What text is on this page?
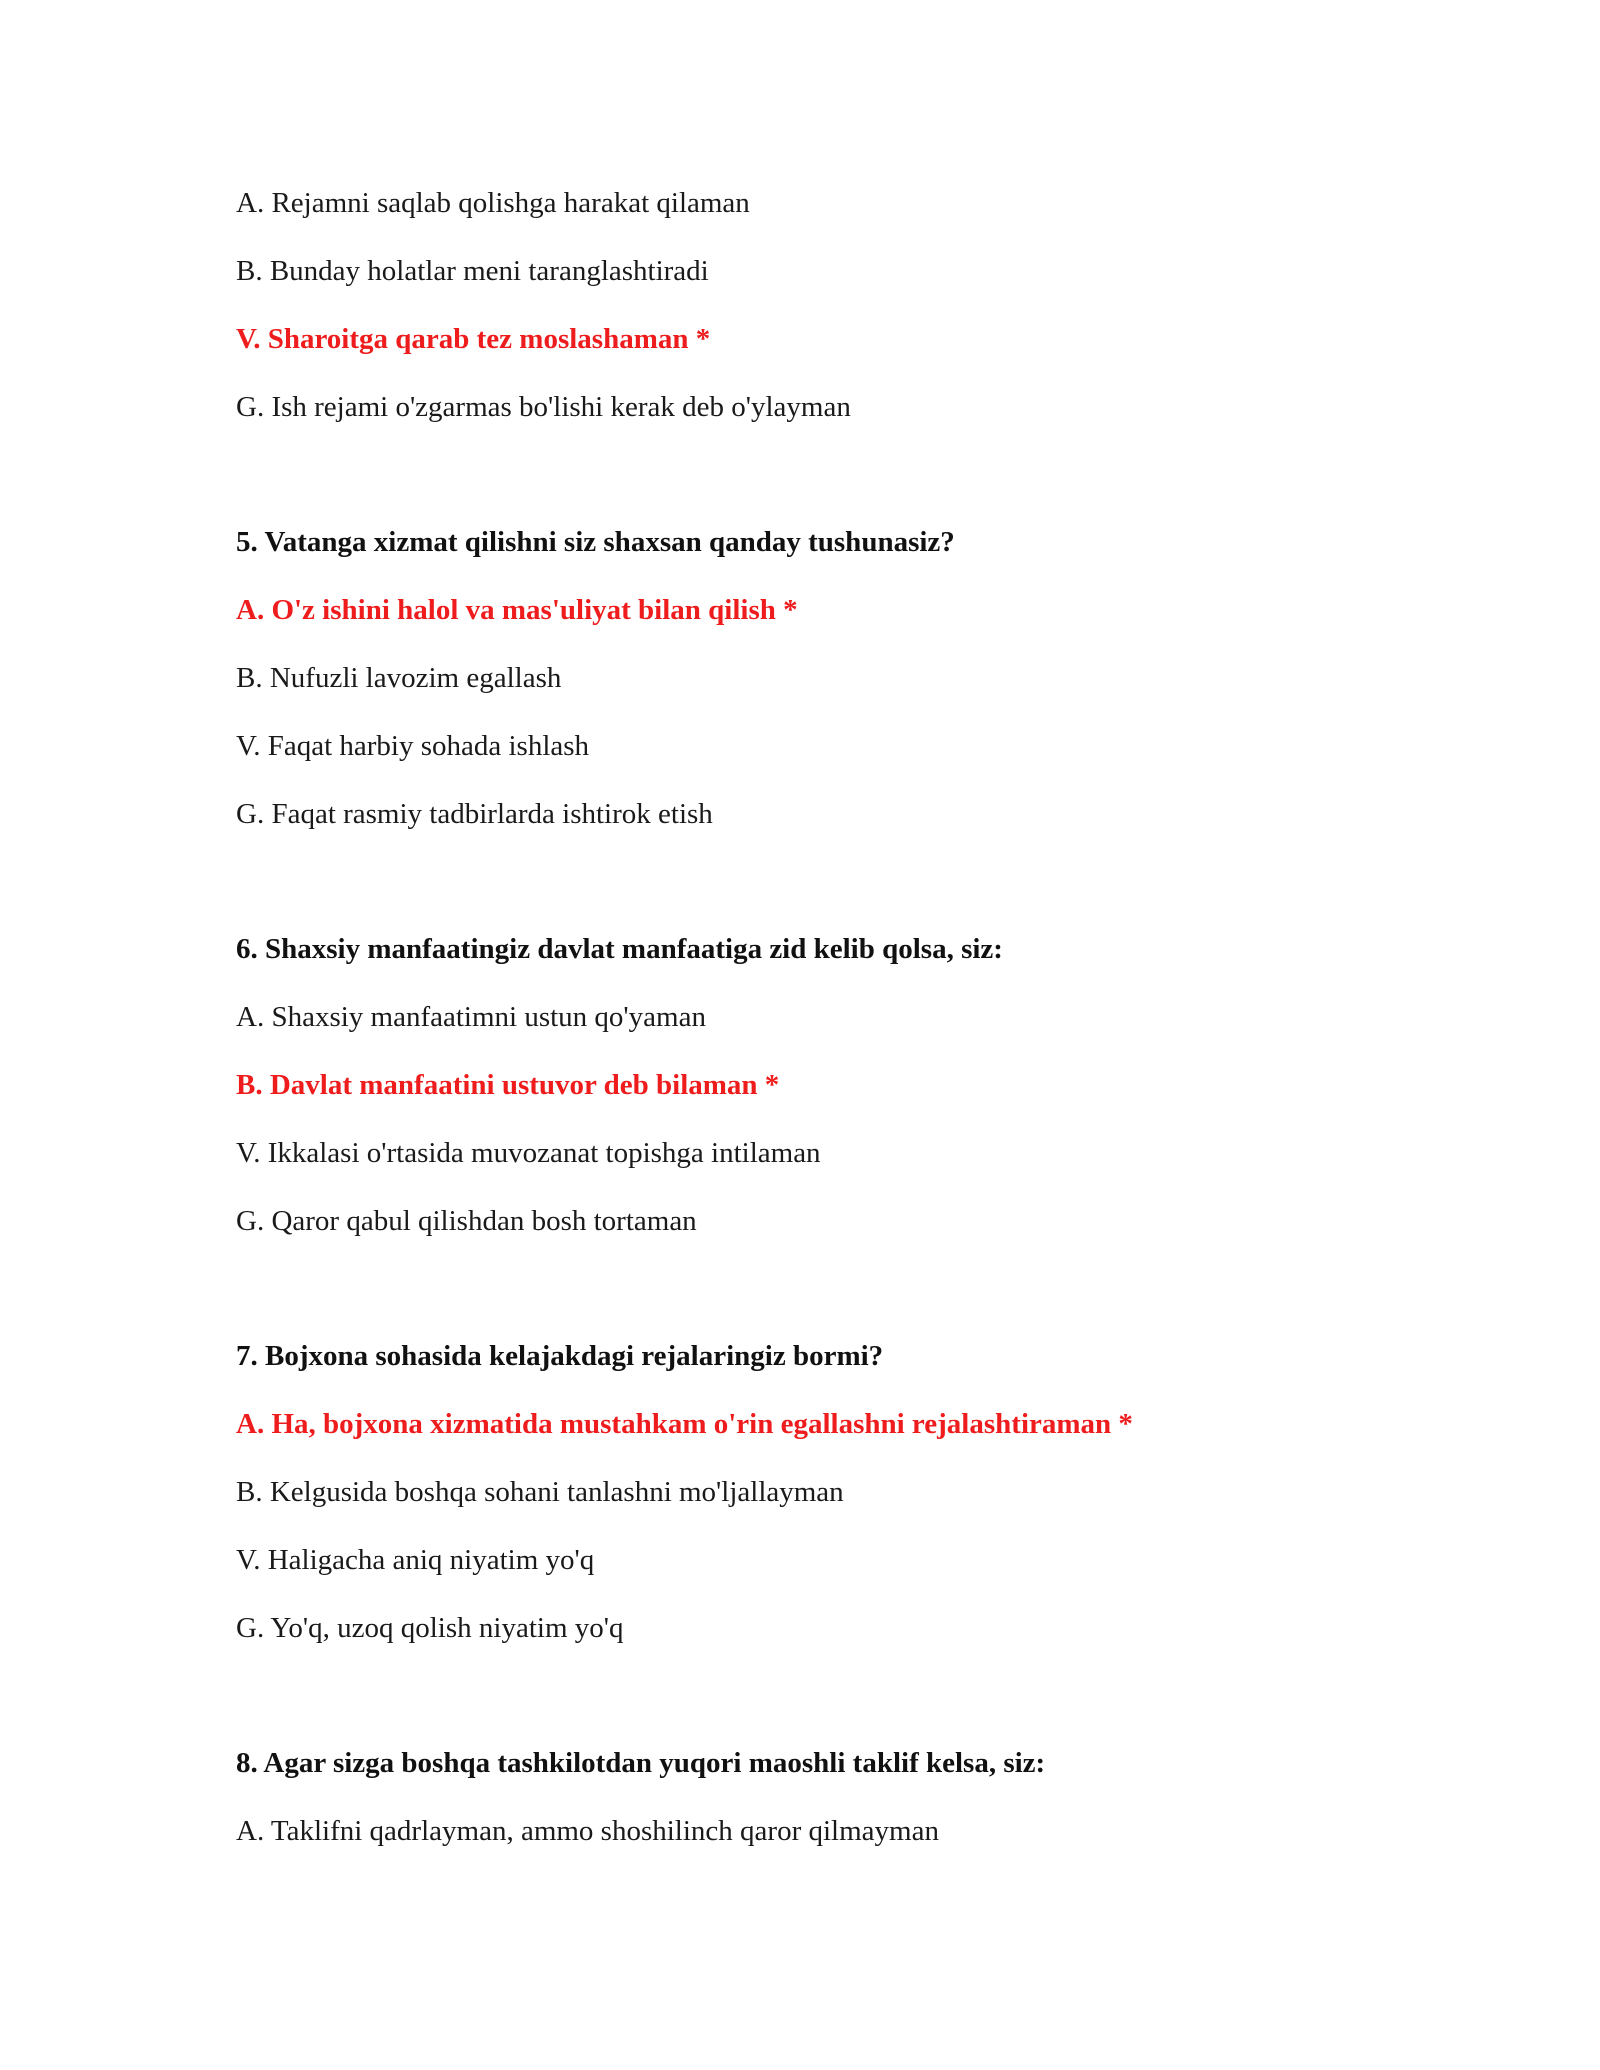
A. Rejamni saqlab qolishga harakat qilaman
B. Bunday holatlar meni taranglashtiradi
V. Sharoitga qarab tez moslashaman *
G. Ish rejami o'zgarmas bo'lishi kerak deb o'ylayman
5. Vatanga xizmat qilishni siz shaxsan qanday tushunasiz?
A. O'z ishini halol va mas'uliyat bilan qilish *
B. Nufuzli lavozim egallash
V. Faqat harbiy sohada ishlash
G. Faqat rasmiy tadbirlarda ishtirok etish
6. Shaxsiy manfaatingiz davlat manfaatiga zid kelib qolsa, siz:
A. Shaxsiy manfaatimni ustun qo'yaman
B. Davlat manfaatini ustuvor deb bilaman *
V. Ikkalasi o'rtasida muvozanat topishga intilaman
G. Qaror qabul qilishdan bosh tortaman
7. Bojxona sohasida kelajakdagi rejalaringiz bormi?
A. Ha, bojxona xizmatida mustahkam o'rin egallashni rejalashtiraman *
B. Kelgusida boshqa sohani tanlashni mo'ljallayman
V. Haligacha aniq niyatim yo'q
G. Yo'q, uzoq qolish niyatim yo'q
8. Agar sizga boshqa tashkilotdan yuqori maoshli taklif kelsa, siz:
A. Taklifni qadrlayman, ammo shoshilinch qaror qilmayman
